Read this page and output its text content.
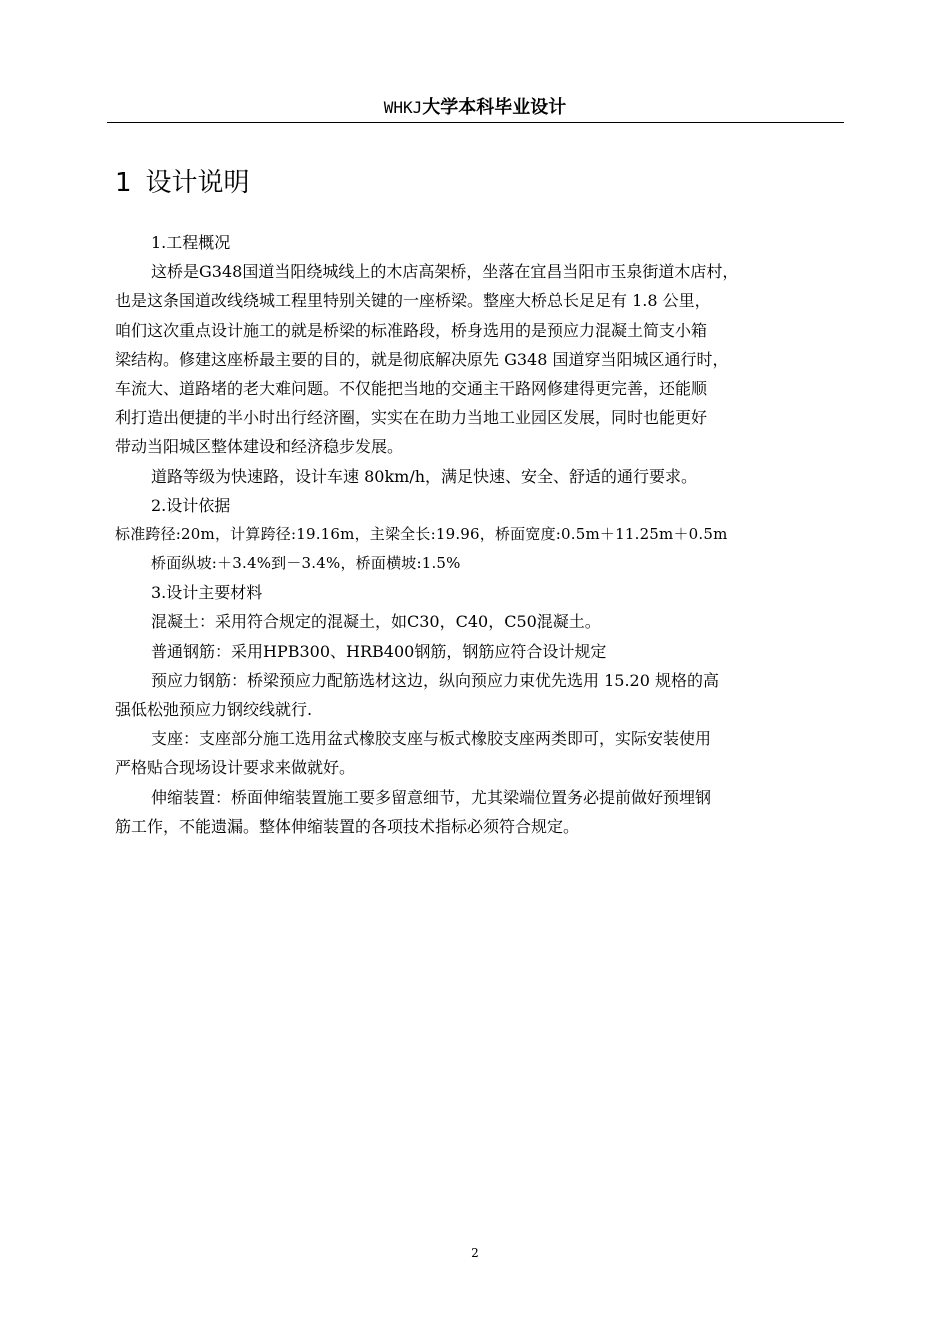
WHKJ大学本科毕业设计
1 设计说明
1.工程概况
这桥是G348国道当阳绕城线上的木店高架桥，坐落在宜昌当阳市玉泉街道木店村，
也是这条国道改线绕城工程里特别关键的一座桥梁。整座大桥总长足足有 1.8 公里，
咱们这次重点设计施工的就是桥梁的标准路段，桥身选用的是预应力混凝土简支小箱
梁结构。修建这座桥最主要的目的，就是彻底解决原先 G348 国道穿当阳城区通行时，
车流大、道路堵的老大难问题。不仅能把当地的交通主干路网修建得更完善，还能顺
利打造出便捷的半小时出行经济圈，实实在在助力当地工业园区发展，同时也能更好
带动当阳城区整体建设和经济稳步发展。
道路等级为快速路，设计车速 80km/h，满足快速、安全、舒适的通行要求。
2.设计依据
标准跨径:20m，计算跨径:19.16m，主梁全长:19.96，桥面宽度:0.5m＋11.25m＋0.5m
桥面纵坡:＋3.4%到－3.4%，桥面横坡:1.5%
3.设计主要材料
混凝土：采用符合规定的混凝土，如C30，C40，C50混凝土。
普通钢筋：采用HPB300、HRB400钢筋，钢筋应符合设计规定
预应力钢筋：桥梁预应力配筋选材这边，纵向预应力束优先选用 15.20 规格的高
强低松弛预应力钢绞线就行.
支座：支座部分施工选用盆式橡胶支座与板式橡胶支座两类即可，实际安装使用
严格贴合现场设计要求来做就好。
伸缩装置：桥面伸缩装置施工要多留意细节，尤其梁端位置务必提前做好预埋钢
筋工作，不能遗漏。整体伸缩装置的各项技术指标必须符合规定。
2
